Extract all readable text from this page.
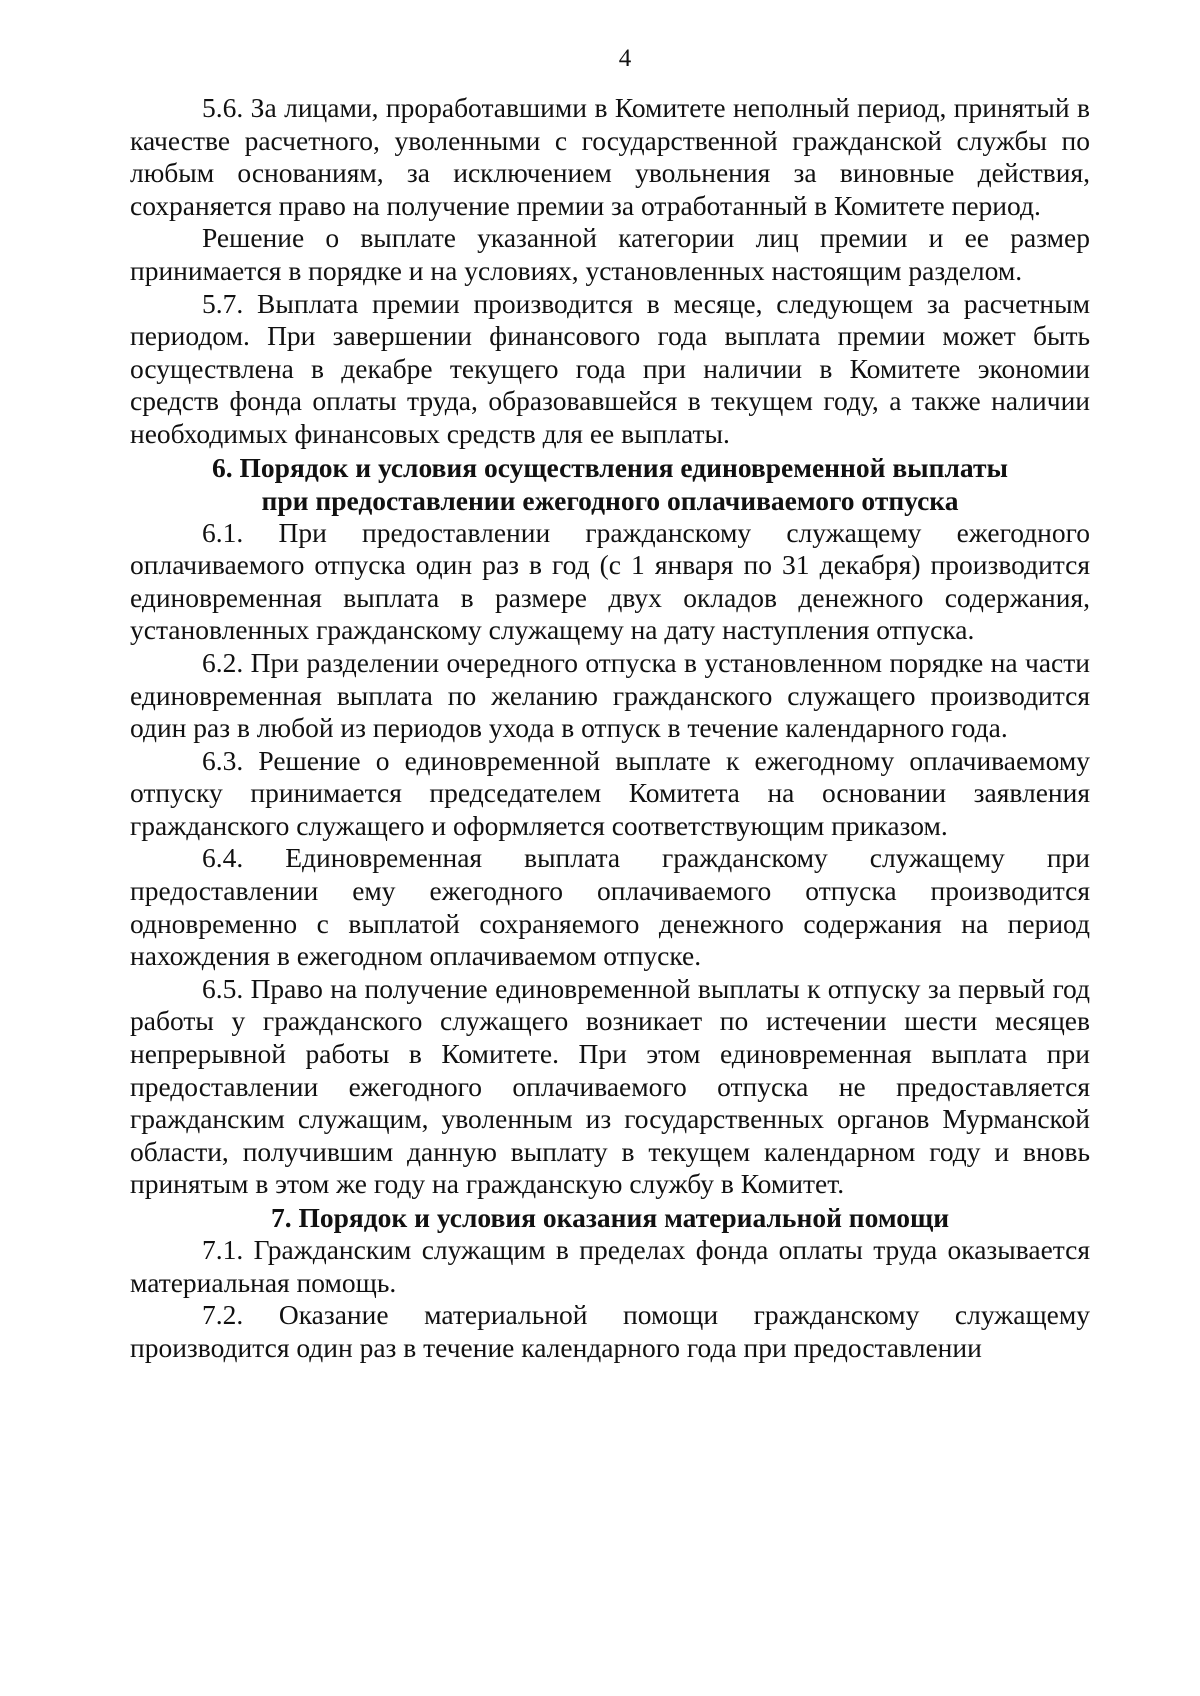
4

5.6. За лицами, проработавшими в Комитете неполный период, принятый в качестве расчетного, уволенными с государственной гражданской службы по любым основаниям, за исключением увольнения за виновные действия, сохраняется право на получение премии за отработанный в Комитете период.

Решение о выплате указанной категории лиц премии и ее размер принимается в порядке и на условиях, установленных настоящим разделом.

5.7. Выплата премии производится в месяце, следующем за расчетным периодом. При завершении финансового года выплата премии может быть осуществлена в декабре текущего года при наличии в Комитете экономии средств фонда оплаты труда, образовавшейся в текущем году, а также наличии необходимых финансовых средств для ее выплаты.

6. Порядок и условия осуществления единовременной выплаты
при предоставлении ежегодного оплачиваемого отпуска

6.1. При предоставлении гражданскому служащему ежегодного оплачиваемого отпуска один раз в год (с 1 января по 31 декабря) производится единовременная выплата в размере двух окладов денежного содержания, установленных гражданскому служащему на дату наступления отпуска.

6.2. При разделении очередного отпуска в установленном порядке на части единовременная выплата по желанию гражданского служащего производится один раз в любой из периодов ухода в отпуск в течение календарного года.

6.3. Решение о единовременной выплате к ежегодному оплачиваемому отпуску принимается председателем Комитета на основании заявления гражданского служащего и оформляется соответствующим приказом.

6.4. Единовременная выплата гражданскому служащему при предоставлении ему ежегодного оплачиваемого отпуска производится одновременно с выплатой сохраняемого денежного содержания на период нахождения в ежегодном оплачиваемом отпуске.

6.5. Право на получение единовременной выплаты к отпуску за первый год работы у гражданского служащего возникает по истечении шести месяцев непрерывной работы в Комитете. При этом единовременная выплата при предоставлении ежегодного оплачиваемого отпуска не предоставляется гражданским служащим, уволенным из государственных органов Мурманской области, получившим данную выплату в текущем календарном году и вновь принятым в этом же году на гражданскую службу в Комитет.

7. Порядок и условия оказания материальной помощи

7.1. Гражданским служащим в пределах фонда оплаты труда оказывается материальная помощь.

7.2. Оказание материальной помощи гражданскому служащему производится один раз в течение календарного года при предоставлении
